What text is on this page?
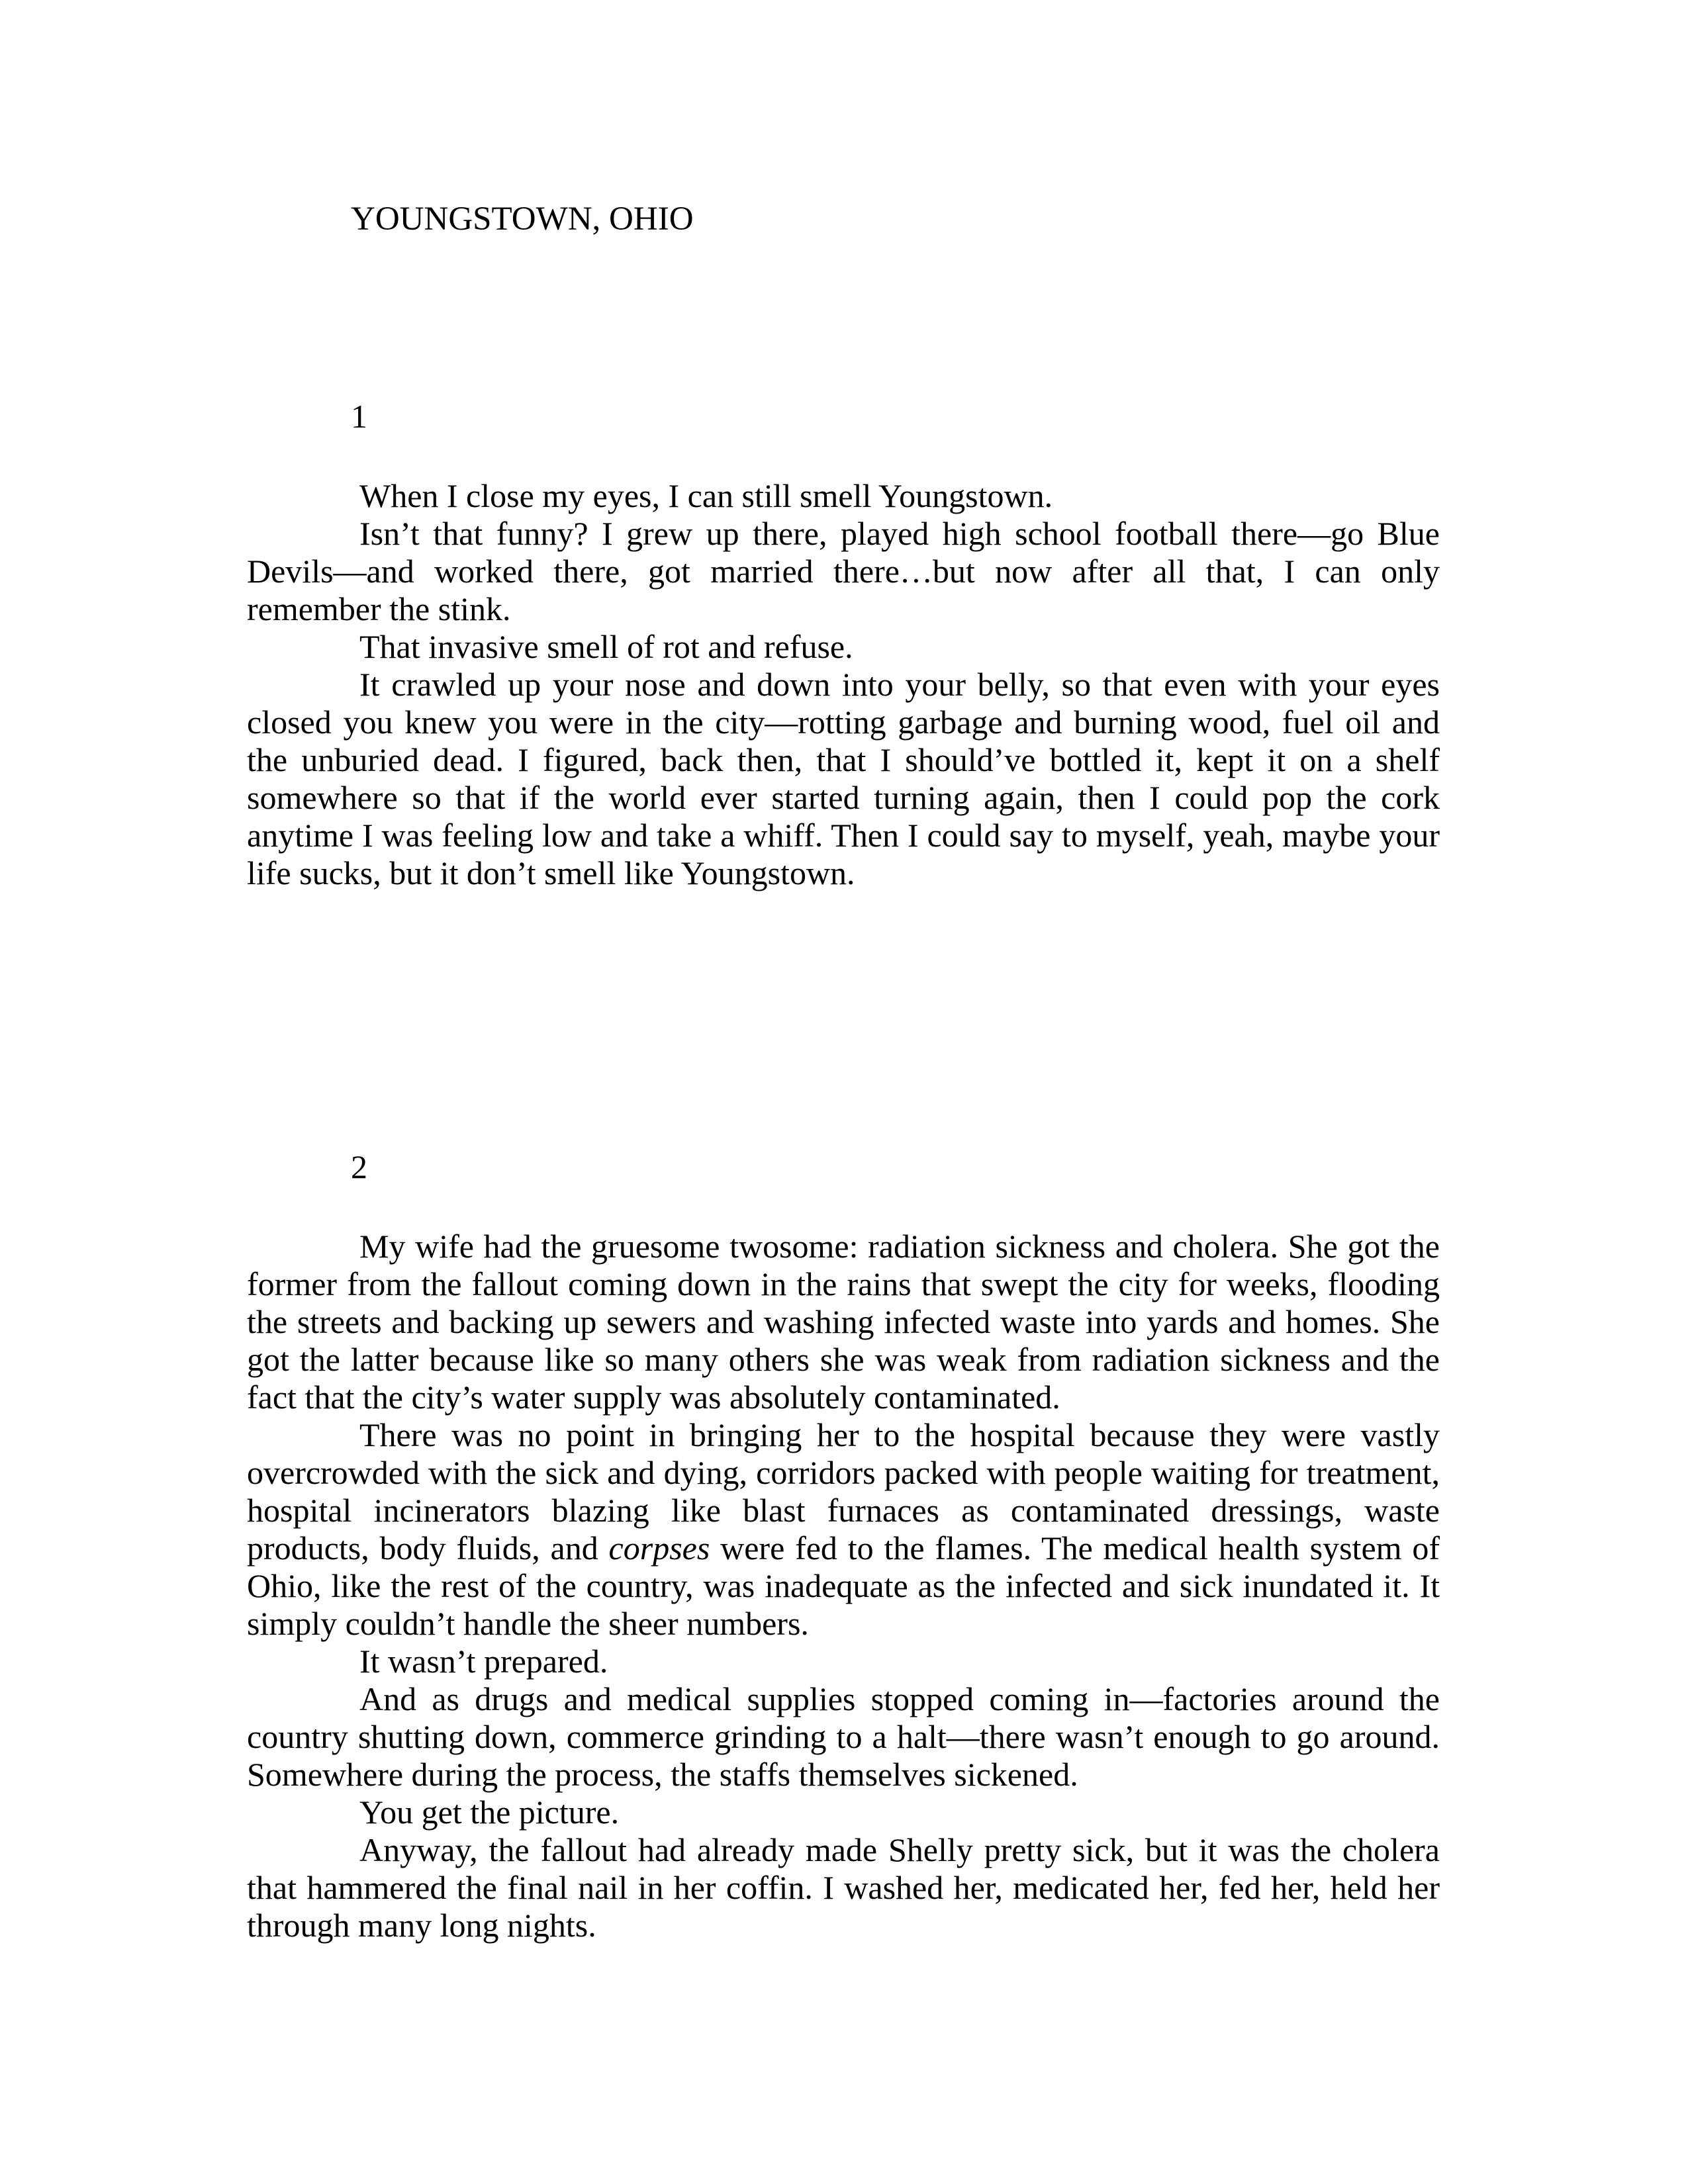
YOUNGSTOWN, OHIO
1

When I close my eyes, I can still smell Youngstown.

Isn’t that funny? I grew up there, played high school football there—go Blue Devils—and worked there, got married there…but now after all that, I can only remember the stink.

That invasive smell of rot and refuse.

It crawled up your nose and down into your belly, so that even with your eyes closed you knew you were in the city—rotting garbage and burning wood, fuel oil and the unburied dead. I figured, back then, that I should’ve bottled it, kept it on a shelf somewhere so that if the world ever started turning again, then I could pop the cork anytime I was feeling low and take a whiff. Then I could say to myself, yeah, maybe your life sucks, but it don’t smell like Youngstown.

2

My wife had the gruesome twosome: radiation sickness and cholera. She got the former from the fallout coming down in the rains that swept the city for weeks, flooding the streets and backing up sewers and washing infected waste into yards and homes. She got the latter because like so many others she was weak from radiation sickness and the fact that the city’s water supply was absolutely contaminated.

There was no point in bringing her to the hospital because they were vastly overcrowded with the sick and dying, corridors packed with people waiting for treatment, hospital incinerators blazing like blast furnaces as contaminated dressings, waste products, body fluids, and corpses were fed to the flames. The medical health system of Ohio, like the rest of the country, was inadequate as the infected and sick inundated it. It simply couldn’t handle the sheer numbers.

It wasn’t prepared.

And as drugs and medical supplies stopped coming in—factories around the country shutting down, commerce grinding to a halt—there wasn’t enough to go around. Somewhere during the process, the staffs themselves sickened.

You get the picture.

Anyway, the fallout had already made Shelly pretty sick, but it was the cholera that hammered the final nail in her coffin. I washed her, medicated her, fed her, held her through many long nights.
